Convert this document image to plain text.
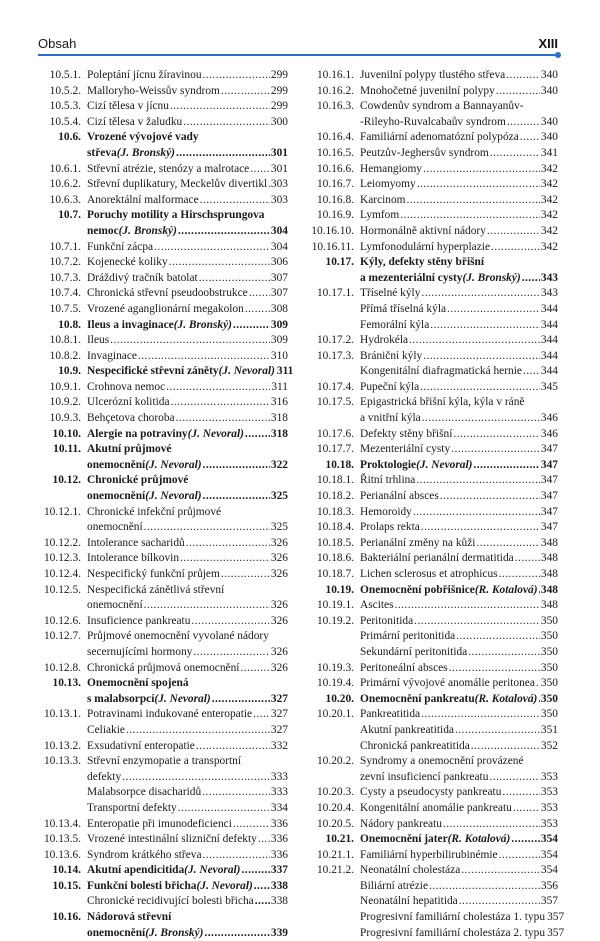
Obsah	XIII
10.5.1. Poleptání jícnu žíravinou . . .	299
10.5.2. Malloryho-Weissův syndrom . . .	299
10.5.3. Cizí tělesa v jícnu . . .	299
10.5.4. Cizí tělesa v žaludku . . .	300
10.6. Vrozené vývojové vady
střeva (J. Bronský) . . .	301
10.6.1. Střevní atrézie, stenózy a malrotace . . . 301
10.6.2. Střevní duplikatury, Meckelův divertikl . . . 303
10.6.3. Anorektální malformace . . .	303
10.7. Poruchy motility a Hirschsprungova
nemoc (J. Bronský) . . .	304
10.7.1. Funkční zácpa . . .	304
10.7.2. Kojenecké koliky . . .	306
10.7.3. Dráždivý tračník batolat . . .	307
10.7.4. Chronická střevní pseudoobstrukce . . . 307
10.7.5. Vrozené aganglionární megakolon . . . 308
10.8. Ileus a invaginace (J. Bronský) . . .	309
10.8.1. Ileus . . .	309
10.8.2. Invaginace . . .	310
10.9. Nespecifické střevní záněty (J. Nevoral) 311
10.9.1. Crohnova nemoc . . .	311
10.9.2. Ulcerózní kolitida . . .	316
10.9.3. Behçetova choroba . . .	318
10.10. Alergie na potraviny (J. Nevoral) . . . 318
10.11. Akutní průjmové
onemocnění (J. Nevoral) . . .	322
10.12. Chronické průjmové
onemocnění (J. Nevoral) . . .	325
10.12.1. Chronické infekční průjmové
onemocnění . . .	325
10.12.2. Intolerance sacharidů . . .	326
10.12.3. Intolerance bílkovin . . .	326
10.12.4. Nespecifický funkční průjem . . .	326
10.12.5. Nespecifická zánětlivá střevní
onemocnění . . .	326
10.12.6. Insuficience pankreatu . . .	326
10.12.7. Průjmové onemocnění vyvolané nádory
secernujícími hormony . . .	326
10.12.8. Chronická průjmová onemocnění . . .	326
10.13. Onemocnění spojená
s malabsorpcí (J. Nevoral) . . .	327
10.13.1. Potravinami indukované enteropatie . . . 327
Celiakie . . .	327
10.13.2. Exsudativní enteropatie . . .	332
10.13.3. Střevní enzymopatie a transportní
defekty . . .	333
Malabsorpce disacharidů . . .	333
Transportní defekty . . .	334
10.13.4. Enteropatie při imunodeficienci . . .	336
10.13.5. Vrozené intestinální slizniční defekty . . . 336
10.13.6. Syndrom krátkého střeva . . .	336
10.14. Akutní apendicitida (J. Nevoral) . . .	337
10.15. Funkční bolesti břicha (J. Nevoral) . . . 338
Chronické recidivující bolesti břicha . . . 338
10.16. Nádorová střevní
onemocnění (J. Bronský) . . .	339
10.16.1. Juvenilní polypy tlustého střeva . . .	340
10.16.2. Mnohočetné juvenilní polypy . . .	340
10.16.3. Cowdenův syndrom a Bannayanův-
-Rileyho-Ruvalcabaův syndrom . . .	340
10.16.4. Familiární adenomatózní polypóza . . . 340
10.16.5. Peutzův-Jeghersův syndrom . . .	341
10.16.6. Hemangiomy . . .	342
10.16.7. Leiomyomy . . .	342
10.16.8. Karcinom . . .	342
10.16.9. Lymfom . . .	342
10.16.10. Hormonálně aktivní nádory . . .	342
10.16.11. Lymfonodulární hyperplazie . . .	342
10.17. Kýly, defekty stěny břišní
a mezenteriální cysty (J. Bronský) . . . 343
10.17.1. Tříselné kýly . . .	343
Přímá tříselná kýla . . .	344
Femorální kýla . . .	344
10.17.2. Hydrokéla . . .	344
10.17.3. Bráničnί kýly . . .	344
Kongenitální diafragmatická hernie . . . 344
10.17.4. Pupeční kýla . . .	345
10.17.5. Epigastrická břišní kýla, kýla v ráně
a vnitřní kýla . . .	346
10.17.6. Defekty stěny břišní . . .	346
10.17.7. Mezenteriální cysty . . .	347
10.18. Proktologie (J. Nevoral) . . .	347
10.18.1. Řitní trhlina . . .	347
10.18.2. Perianální absces . . .	347
10.18.3. Hemoroidy . . .	347
10.18.4. Prolaps rekta . . .	347
10.18.5. Perianální změny na kůži . . .	348
10.18.6. Bakteriální perianální dermatitida . . . 348
10.18.7. Lichen sclerosus et atrophicus . . .	348
10.19. Onemocnění pobřišnice (R. Kotalová) . . . 348
10.19.1. Ascites . . .	348
10.19.2. Peritonitida . . .	350
Primární peritonitida . . .	350
Sekundární peritonitida . . .	350
10.19.3. Peritoneální absces . . .	350
10.19.4. Primární vývojové anomálie peritonea . . . 350
10.20. Onemocnění pankreatu (R. Kotalová) . . . 350
10.20.1. Pankreatitida . . .	350
Akutní pankreatitida . . .	351
Chronická pankreatitida . . .	352
10.20.2. Syndromy a onemocnění provázené
zevní insuficiencí pankreatu . . .	353
10.20.3. Cysty a pseudocysty pankreatu . . .	353
10.20.4. Kongenitální anomálie pankreatu . . .	353
10.20.5. Nádory pankreatu . . .	353
10.21. Onemocnění jater (R. Kotalová) . . .	354
10.21.1. Familiární hyperbilirubinémie . . .	354
10.21.2. Neonatální cholestáza . . .	354
Biliární atrézie . . .	356
Neonatální hepatitida . . .	357
Progresivní familiární cholestáza 1. typu 357
Progresivní familiární cholestáza 2. typu 357
